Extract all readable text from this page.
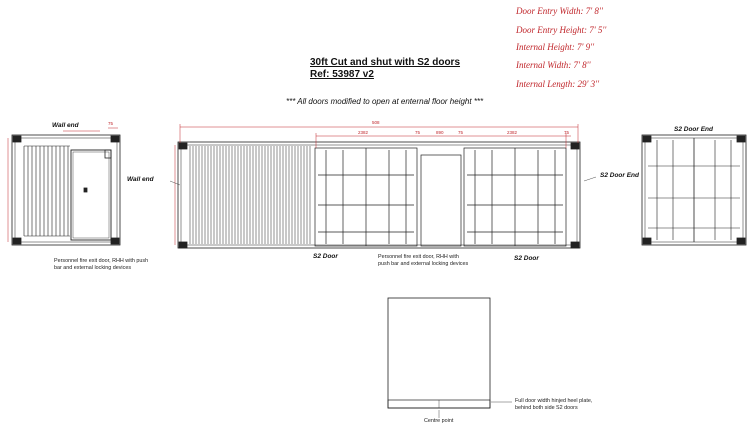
Door Entry Width: 7' 8''
Door Entry Height: 7' 5''
Internal Height: 7' 9''
Internal Width: 7' 8''
Internal Length: 29' 3''
30ft Cut and shut with S2 doors
Ref: 53987 v2
*** All doors modified to open at enternal floor height ***
508
2382	75	890	75	2382	75
75
Wall end
Wall end
S2 Door End
S2 Door End
S2 Door	S2 Door
Personnel fire exit door, RHH with push bar and external locking devices
Personnel fire exit door, RHH with push bar and external locking devices
Full door width hinjed heel plate, behind both side S2 doors
Centre point
